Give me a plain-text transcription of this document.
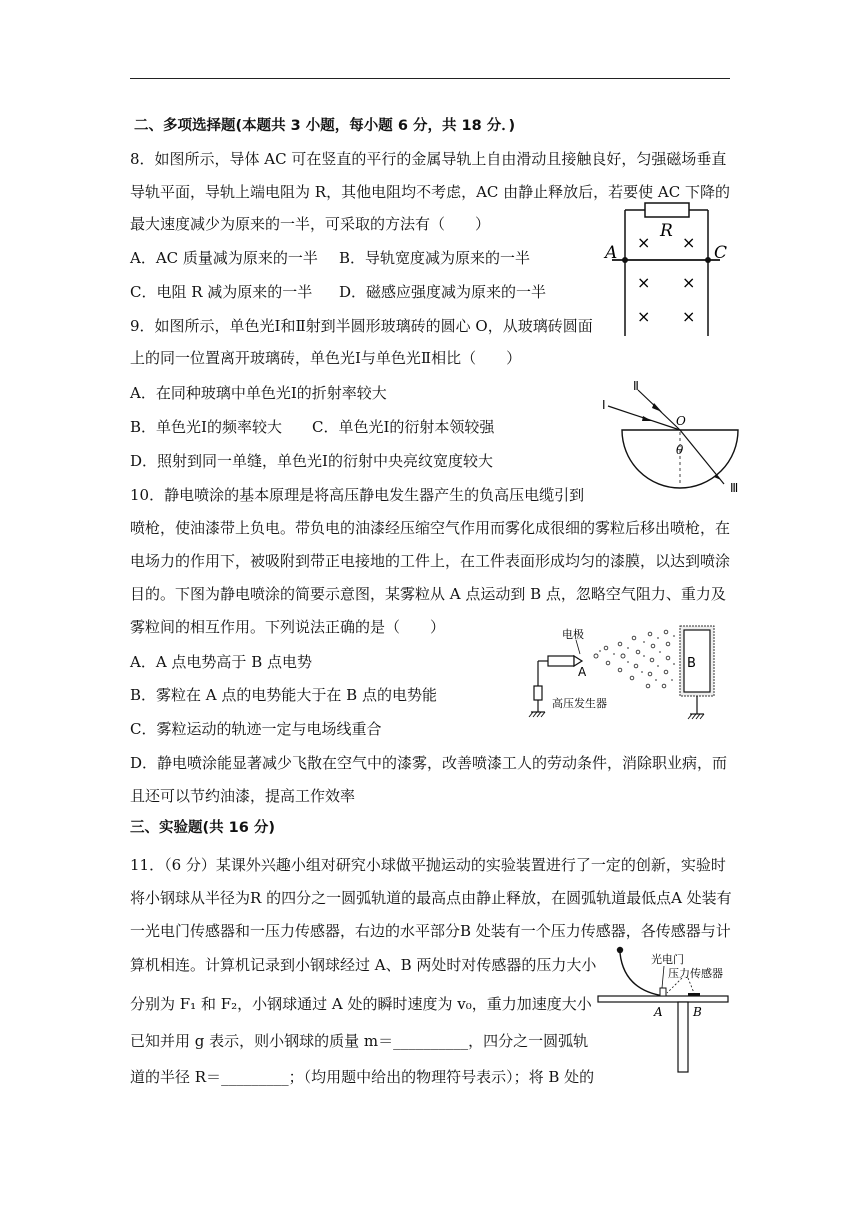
二、多项选择题(本题共 3 小题，每小题 6 分，共 18 分．)
8．如图所示，导体 AC 可在竖直的平行的金属导轨上自由滑动且接触良好，匀强磁场垂直
导轨平面，导轨上端电阻为 R，其他电阻均不考虑，AC 由静止释放后，若要使 AC 下降的
最大速度减少为原来的一半，可采取的方法有（　　）
A．AC 质量减为原来的一半 B．导轨宽度减为原来的一半
C．电阻 R 减为原来的一半 D．磁感应强度减为原来的一半
R
A	C
× ×
× ×
× ×
9．如图所示，单色光Ⅰ和Ⅱ射到半圆形玻璃砖的圆心 O，从玻璃砖圆面
上的同一位置离开玻璃砖，单色光Ⅰ与单色光Ⅱ相比（　　）
A．在同种玻璃中单色光Ⅰ的折射率较大
B．单色光Ⅰ的频率较大 C．单色光Ⅰ的衍射本领较强
D．照射到同一单缝，单色光Ⅰ的衍射中央亮纹宽度较大
Ⅰ
Ⅱ
Ⅲ
O
θ
10．静电喷涂的基本原理是将高压静电发生器产生的负高压电缆引到
喷枪，使油漆带上负电。带负电的油漆经压缩空气作用而雾化成很细的雾粒后移出喷枪，在
电场力的作用下，被吸附到带正电接地的工件上，在工件表面形成均匀的漆膜，以达到喷涂
目的。下图为静电喷涂的简要示意图，某雾粒从 A 点运动到 B 点，忽略空气阻力、重力及
雾粒间的相互作用。下列说法正确的是（　　）
A．A 点电势高于 B 点电势
B．雾粒在 A 点的电势能大于在 B 点的电势能
C．雾粒运动的轨迹一定与电场线重合
D．静电喷涂能显著减少飞散在空气中的漆雾，改善喷漆工人的劳动条件，消除职业病，而
且还可以节约油漆，提高工作效率
电极
A
高压发生器
B
三、实验题(共 16 分)
11．（6 分）某课外兴趣小组对研究小球做平抛运动的实验装置进行了一定的创新，实验时
将小钢球从半径为R 的四分之一圆弧轨道的最高点由静止释放，在圆弧轨道最低点A 处装有
一光电门传感器和一压力传感器，右边的水平部分B 处装有一个压力传感器，各传感器与计
算机相连。计算机记录到小钢球经过 A、B 两处时对传感器的压力大小
分别为 F₁ 和 F₂，小钢球通过 A 处的瞬时速度为 v₀，重力加速度大小
已知并用 g 表示，则小钢球的质量 m＝__________，四分之一圆弧轨
道的半径 R＝_________；（均用题中给出的物理符号表示）；将 B 处的
光电门
压力传感器
A	B
